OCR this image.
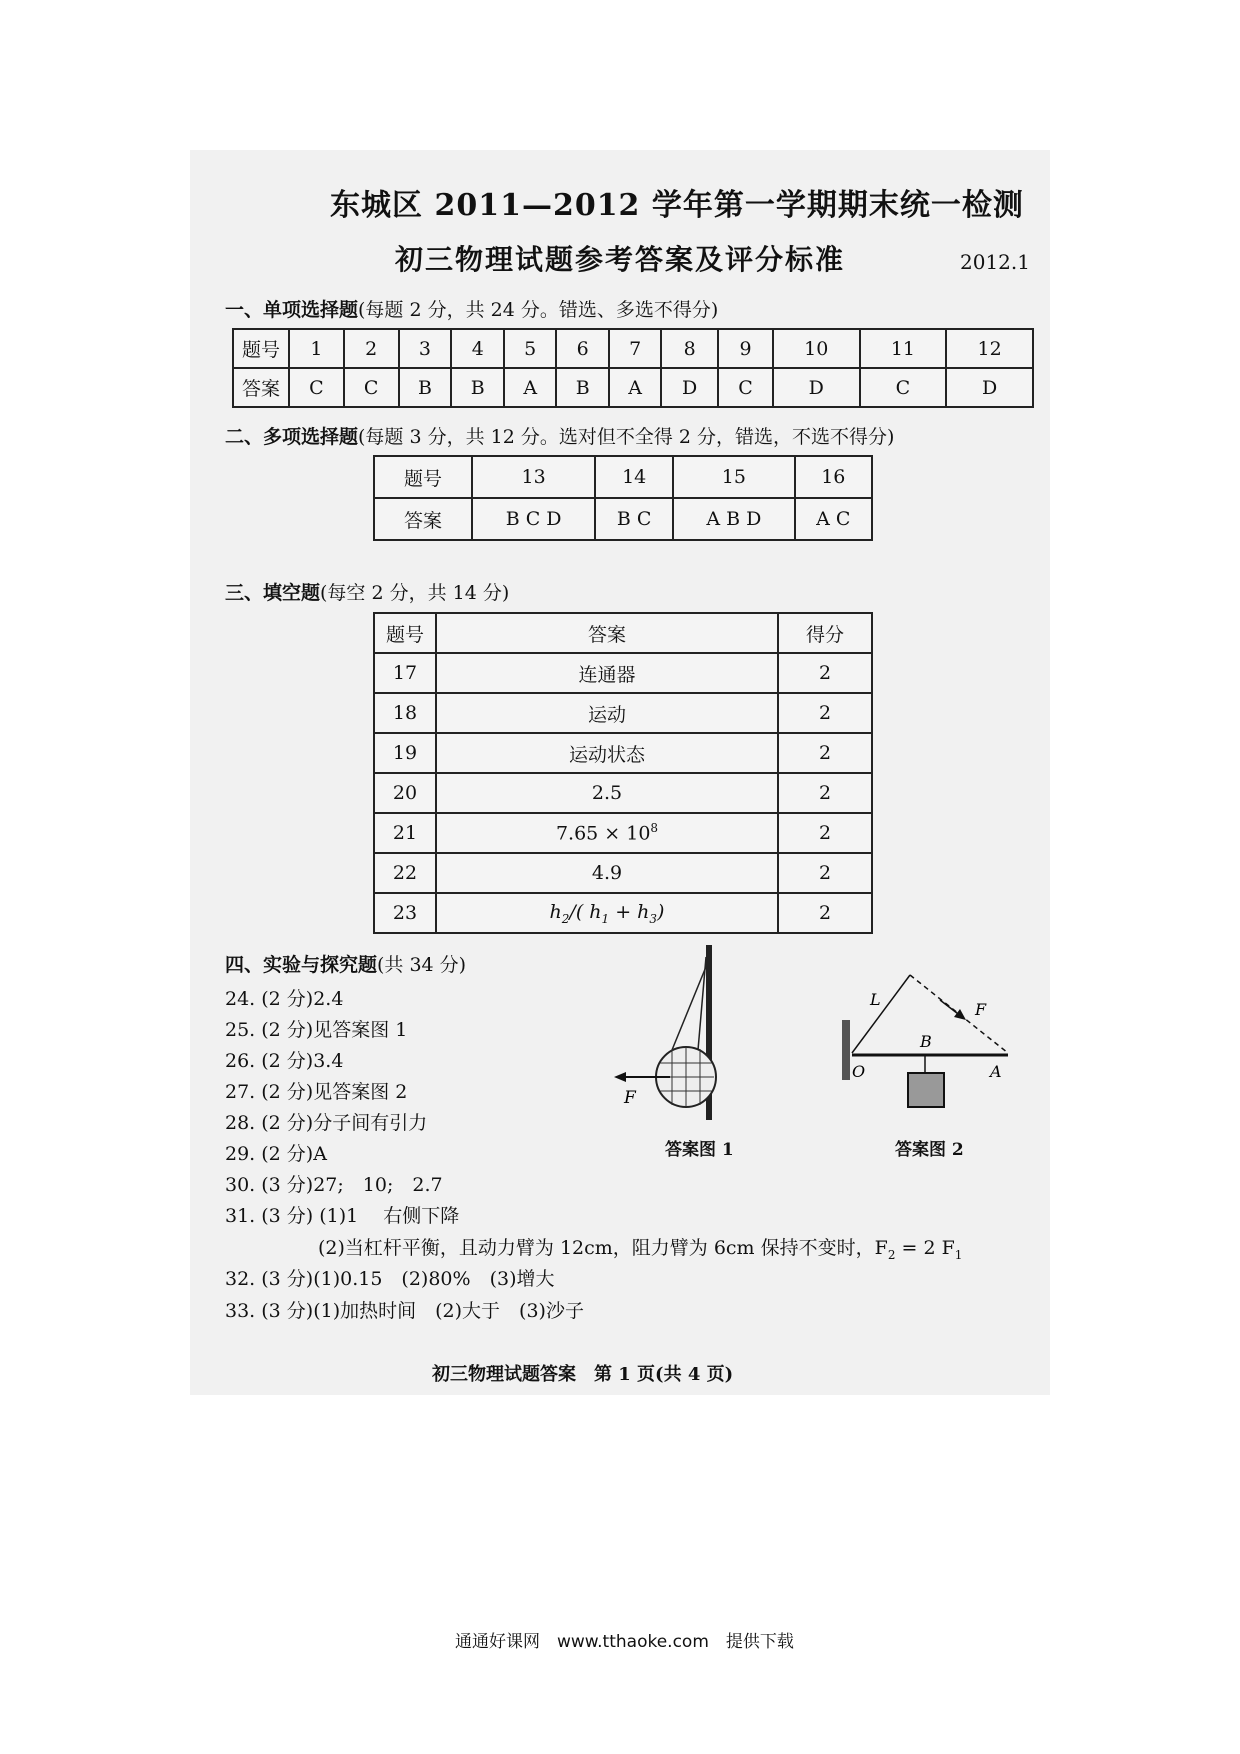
东城区 2011—2012 学年第一学期期末统一检测
初三物理试题参考答案及评分标准	2012.1
一、单项选择题(每题 2 分，共 24 分。错选、多选不得分)
题号	1	2	3	4	5	6	7	8	9	10	11	12
答案	C	C	B	B	A	B	A	D	C	D	C	D
二、多项选择题(每题 3 分，共 12 分。选对但不全得 2 分，错选，不选不得分)
题号	13	14	15	16
答案	B C D	B C	A B D	A C
三、填空题(每空 2 分，共 14 分)
题号	答案	得分
17	连通器	2
18	运动	2
19	运动状态	2
20	2.5	2
21	$7.65 \times 10^8$	2
22	4.9	2
23	$h_2/$( $h_1 + h_3$)	2
四、实验与探究题(共 34 分)
24. (2 分)2.4
25. (2 分)见答案图 1
26. (2 分)3.4
27. (2 分)见答案图 2
28. (2 分)分子间有引力
29. (2 分)A
30. (3 分)27;　10;　2.7
31. (3 分) (1)1　 右侧下降
(2)当杠杆平衡，且动力臂为 12cm，阻力臂为 6cm 保持不变时，$F_2 = 2$ $F_1$
32. (3 分)(1)0.15　(2)80%　(3)增大
33. (3 分)(1)加热时间　(2)大于　(3)沙子
F
答案图 1
L
F
B
O	A
答案图 2
初三物理试题答案　第 1 页(共 4 页)
通通好课网　www.tthaoke.com　提供下载
